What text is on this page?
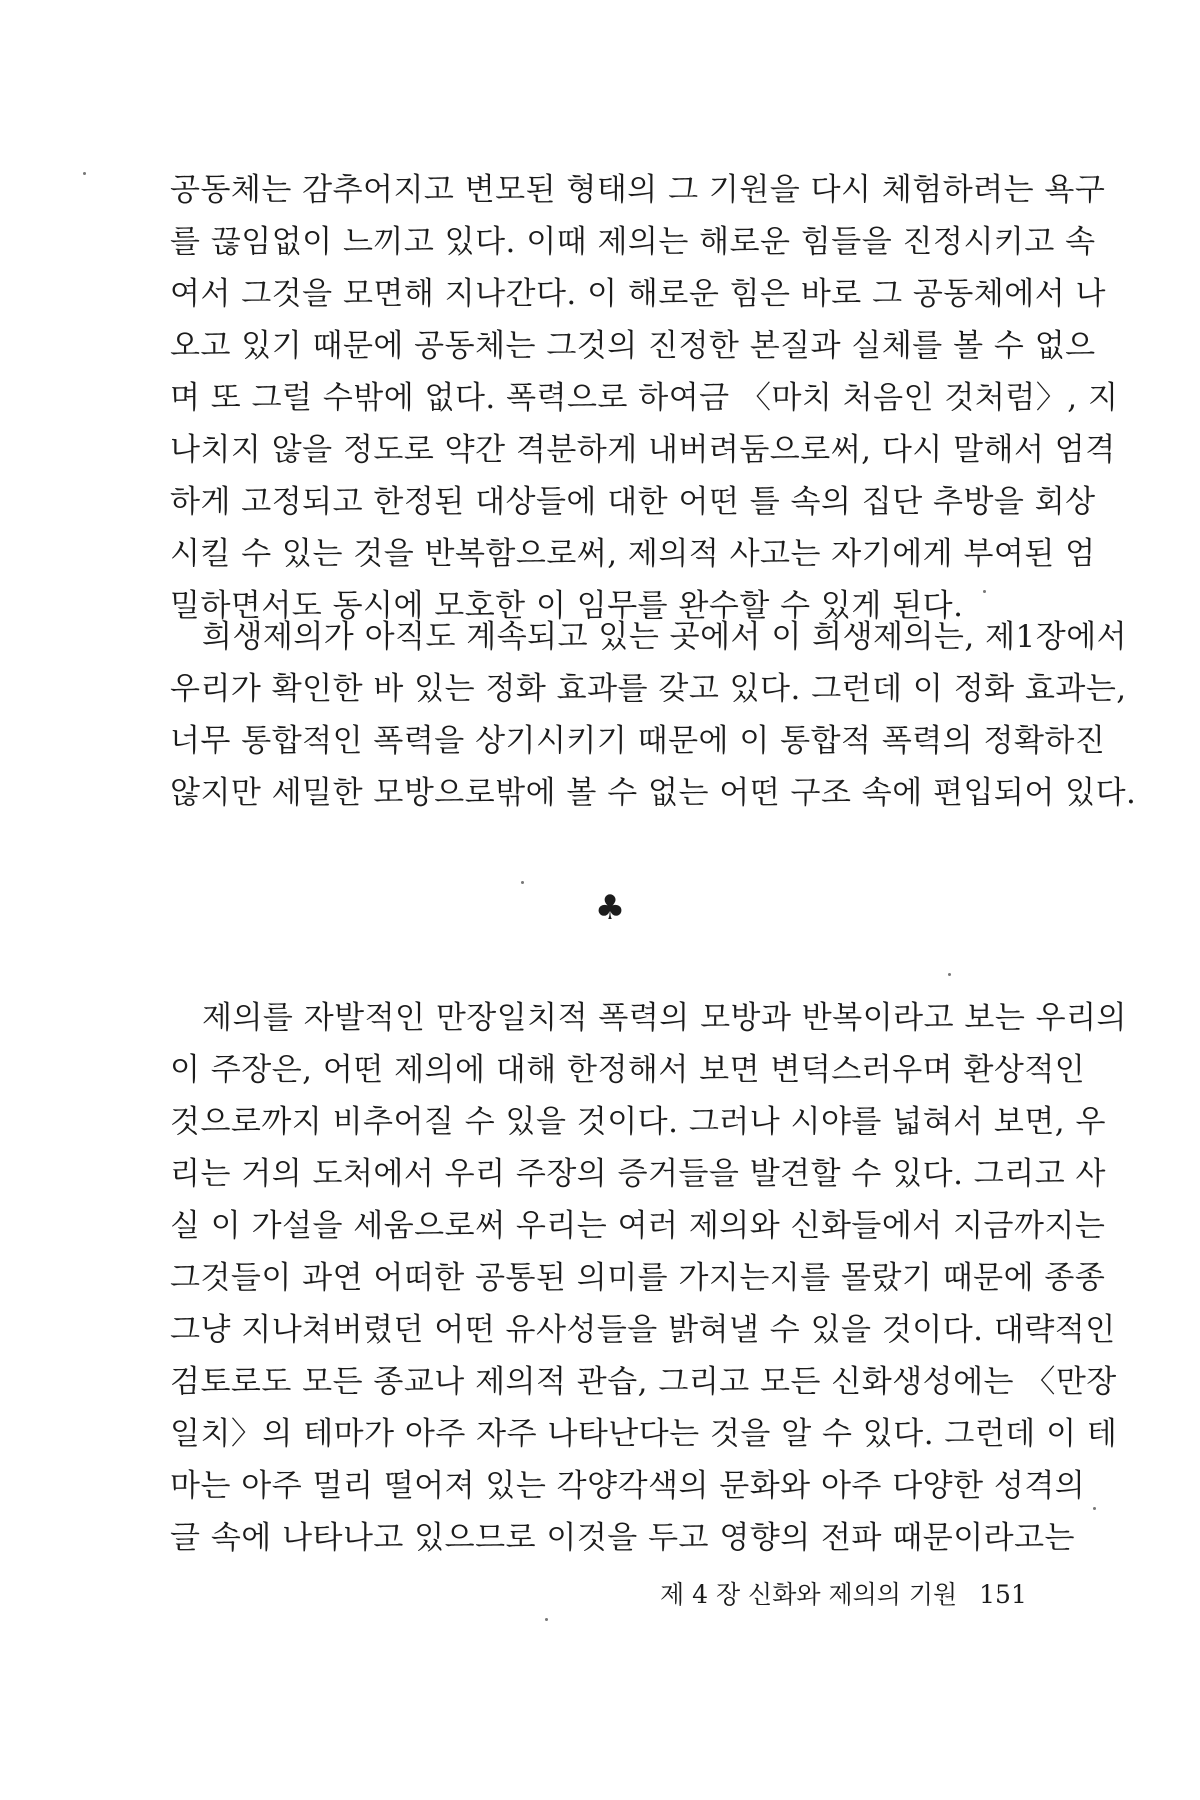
공동체는 감추어지고 변모된 형태의 그 기원을 다시 체험하려는 욕구

를 끊임없이 느끼고 있다. 이때 제의는 해로운 힘들을 진정시키고 속

여서 그것을 모면해 지나간다. 이 해로운 힘은 바로 그 공동체에서 나

오고 있기 때문에 공동체는 그것의 진정한 본질과 실체를 볼 수 없으

며 또 그럴 수밖에 없다. 폭력으로 하여금 〈마치 처음인 것처럼〉, 지

나치지 않을 정도로 약간 격분하게 내버려둠으로써, 다시 말해서 엄격

하게 고정되고 한정된 대상들에 대한 어떤 틀 속의 집단 추방을 회상

시킬 수 있는 것을 반복함으로써, 제의적 사고는 자기에게 부여된 엄

밀하면서도 동시에 모호한 이 임무를 완수할 수 있게 된다.

희생제의가 아직도 계속되고 있는 곳에서 이 희생제의는, 제1장에서

우리가 확인한 바 있는 정화 효과를 갖고 있다. 그런데 이 정화 효과는,

너무 통합적인 폭력을 상기시키기 때문에 이 통합적 폭력의 정확하진

않지만 세밀한 모방으로밖에 볼 수 없는 어떤 구조 속에 편입되어 있다.

♣

제의를 자발적인 만장일치적 폭력의 모방과 반복이라고 보는 우리의

이 주장은, 어떤 제의에 대해 한정해서 보면 변덕스러우며 환상적인

것으로까지 비추어질 수 있을 것이다. 그러나 시야를 넓혀서 보면, 우

리는 거의 도처에서 우리 주장의 증거들을 발견할 수 있다. 그리고 사

실 이 가설을 세움으로써 우리는 여러 제의와 신화들에서 지금까지는

그것들이 과연 어떠한 공통된 의미를 가지는지를 몰랐기 때문에 종종

그냥 지나쳐버렸던 어떤 유사성들을 밝혀낼 수 있을 것이다. 대략적인

검토로도 모든 종교나 제의적 관습, 그리고 모든 신화생성에는 〈만장

일치〉의 테마가 아주 자주 나타난다는 것을 알 수 있다. 그런데 이 테

마는 아주 멀리 떨어져 있는 각양각색의 문화와 아주 다양한 성격의

글 속에 나타나고 있으므로 이것을 두고 영향의 전파 때문이라고는

제 4 장 신화와 제의의 기원 151
